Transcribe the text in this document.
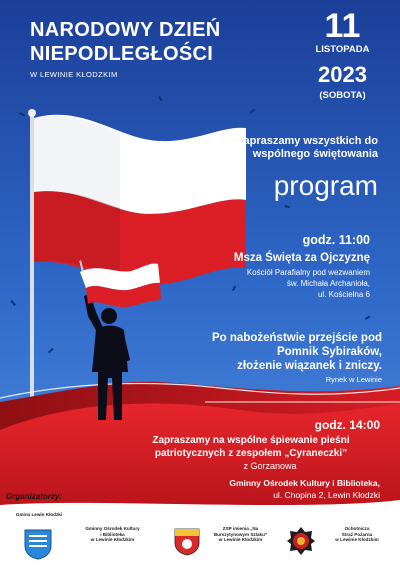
NARODOWY DZIEŃ
NIEPODLEGŁOŚCI
W LEWINIE KŁODZKIM
11
LISTOPADA
2023
(SOBOTA)
Zapraszamy wszystkich do
wspólnego świętowania
program
godz. 11:00
Msza Święta za Ojczyznę
Kościół Parafialny pod wezwaniem
św. Michała Archanioła,
ul. Kościelna 6
Po nabożeństwie przejście pod
Pomnik Sybiraków,
złożenie wiązanek i zniczy.
Rynek w Lewinie
godz. 14:00
Zapraszamy na wspólne śpiewanie pieśni
patriotycznych z zespołem „Cyraneczki”
z Gorzanowa
Gminny Ośrodek Kultury i Biblioteka,
ul. Chopina 2, Lewin Kłodzki
Organizatorzy:
Gmina Lewin Kłodzki
Gminny Ośrodek Kultury
i Biblioteka
w Lewinie Kłodzkim
ZSP imienia „Na
Burszytynowym Szlaku”
w Lewinie Kłodzkim
Ochotnicza
Straż Pożarna
w Lewinie Kłodzkim
